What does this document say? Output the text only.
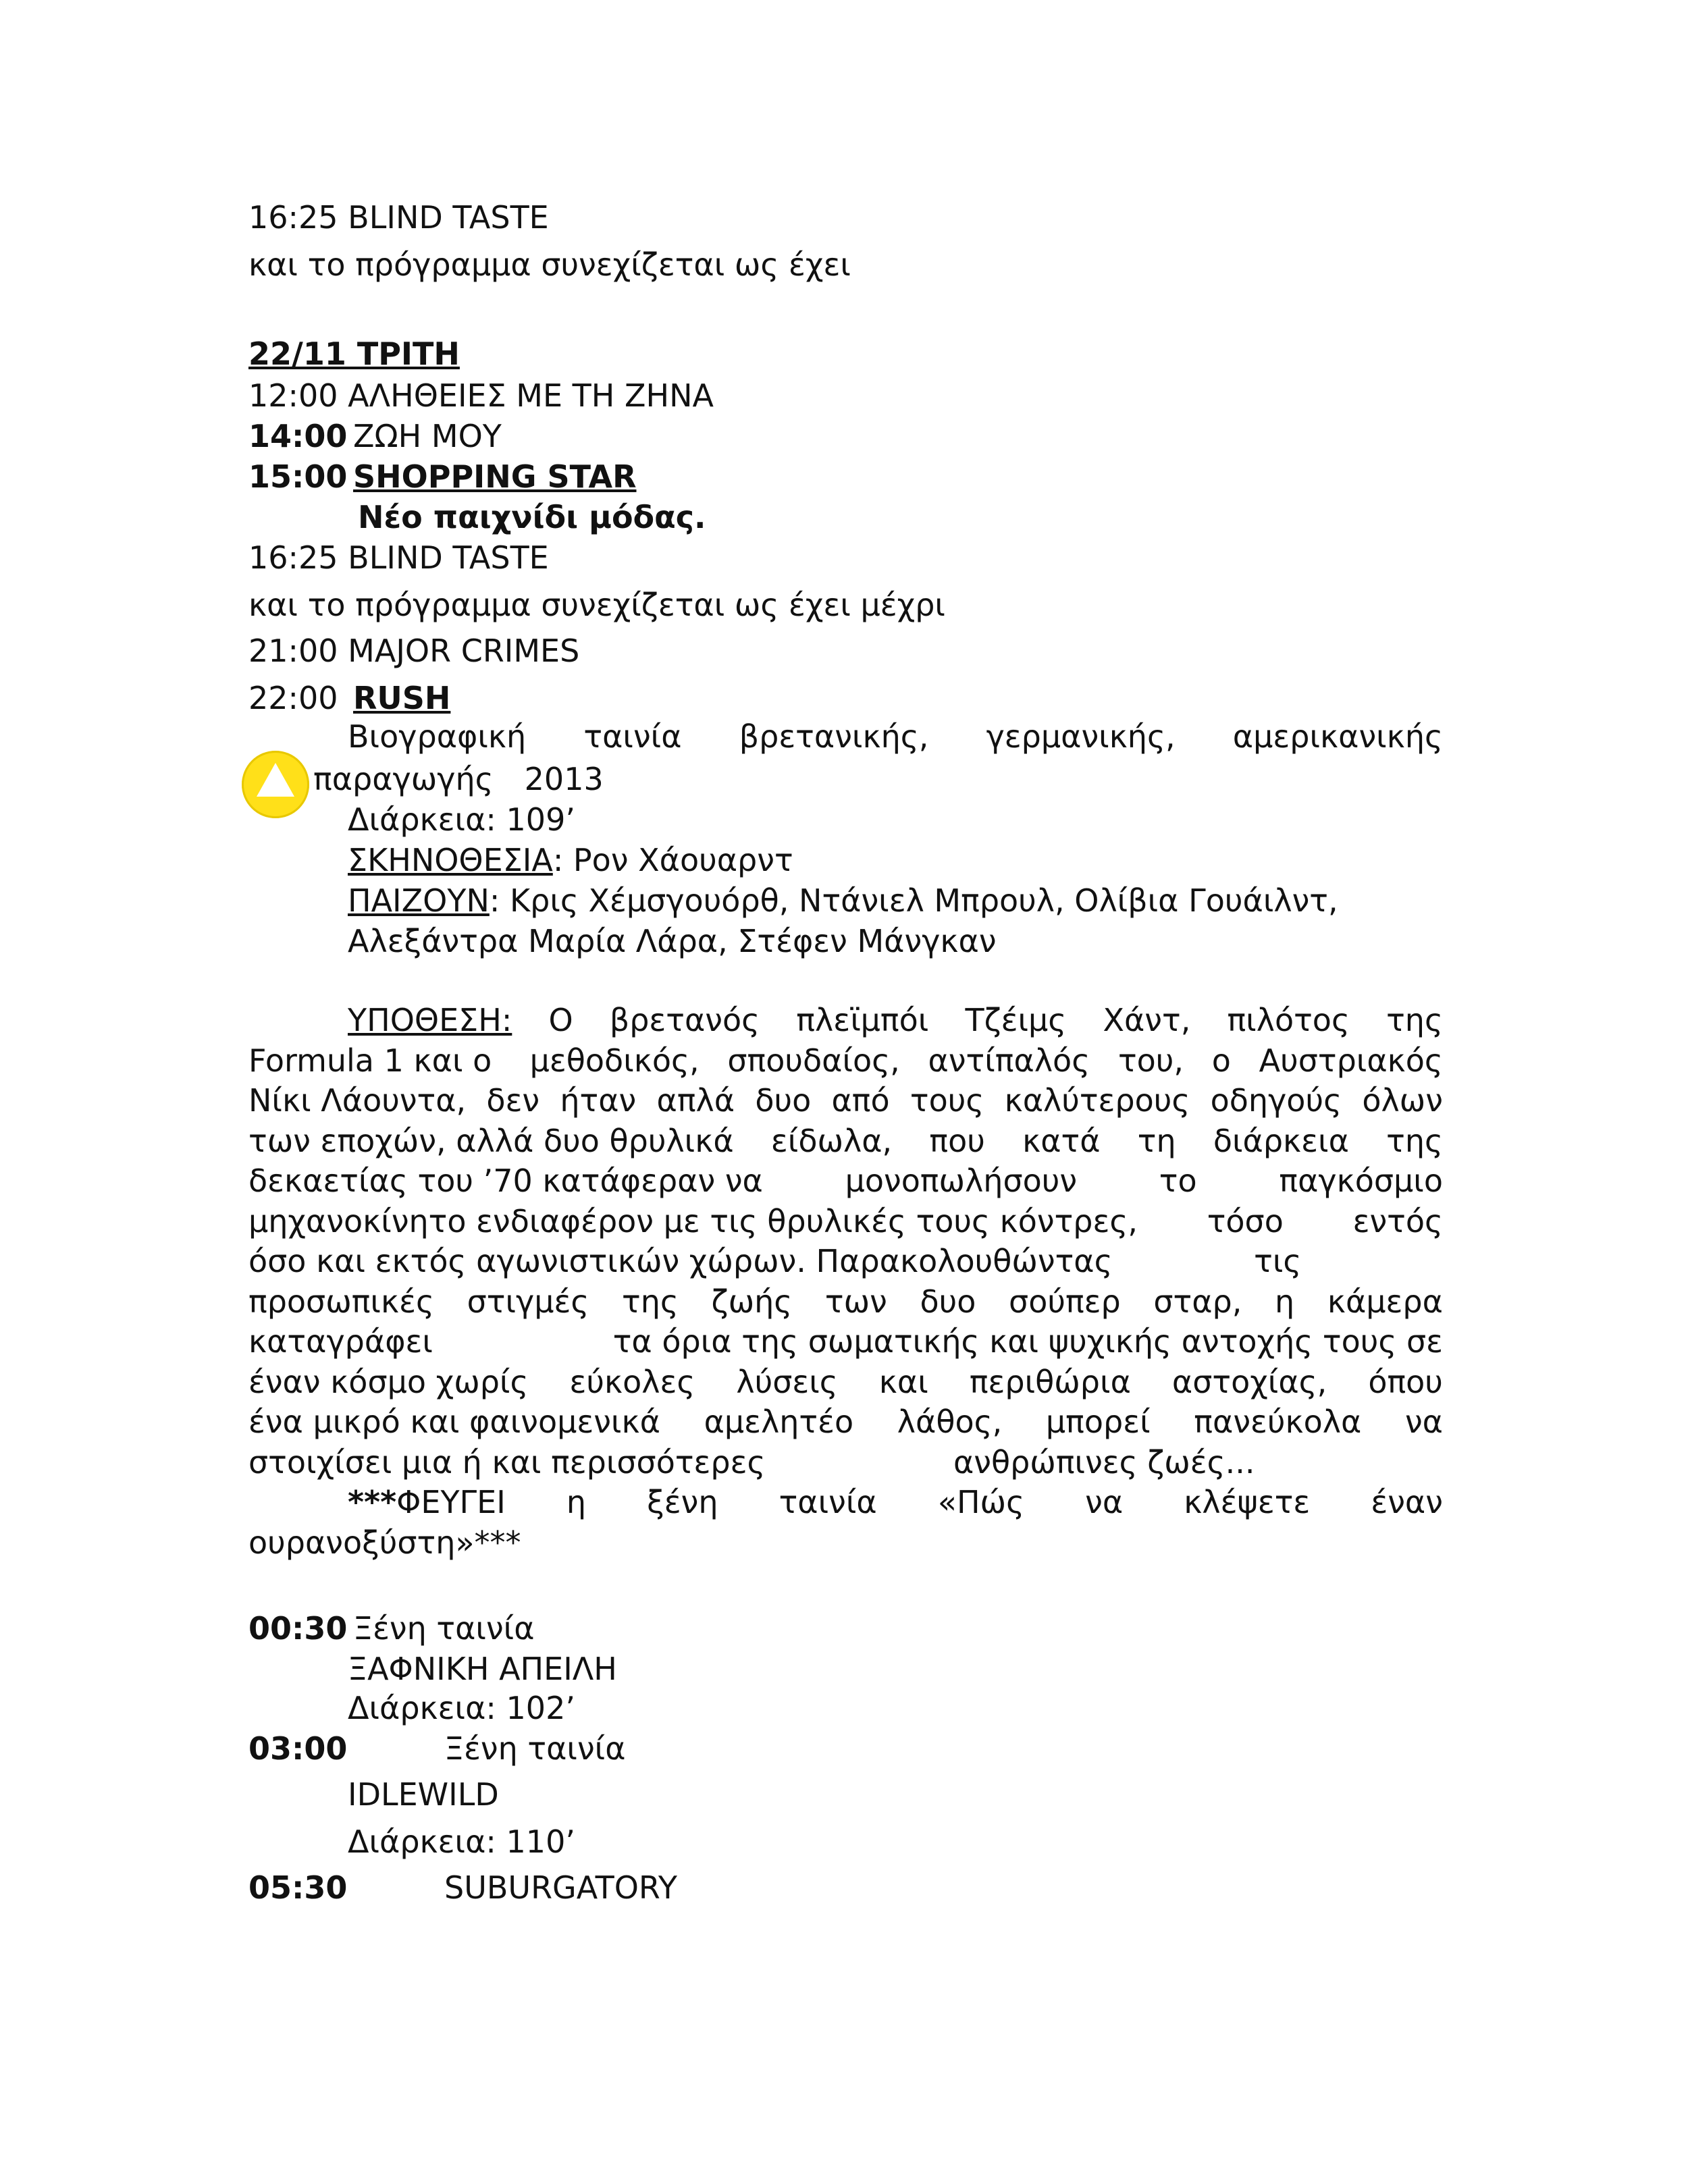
16:25 BLIND TASTE
και το πρόγραμμα συνεχίζεται ως έχει
22/11 ΤΡΙΤΗ
12:00 ΑΛΗΘΕΙΕΣ ΜΕ ΤΗ ΖΗΝΑ
14:00 ΖΩΗ ΜΟΥ
15:00 SHOPPING STAR
Νέο παιχνίδι μόδας.
16:25 BLIND TASTE
και το πρόγραμμα συνεχίζεται ως έχει μέχρι
21:00 MAJOR CRIMES
22:00 RUSH
Βιογραφική ταινία βρετανικής, γερμανικής, αμερικανικής
παραγωγής 2013
Διάρκεια: 109’
ΣΚΗΝΟΘΕΣΙΑ: Ρον Χάουαρντ
ΠΑΙΖΟΥΝ: Κρις Χέμσγουόρθ, Ντάνιελ Μπρουλ, Ολίβια Γουάιλντ,
Αλεξάντρα Μαρία Λάρα, Στέφεν Μάνγκαν
ΥΠΟΘΕΣΗ: Ο βρετανός πλεϊμπόι Τζέιμς Χάντ, πιλότος της
Formula 1 και ο μεθοδικός, σπουδαίος, αντίπαλός του, ο Αυστριακός
Νίκι Λάουντα, δεν ήταν απλά δυο από τους καλύτερους οδηγούς όλων
των εποχών, αλλά δυο θρυλικά είδωλα, που κατά τη διάρκεια της
δεκαετίας του ’70 κατάφεραν να	μονοπωλήσουν	το	παγκόσμιο
μηχανοκίνητο ενδιαφέρον με τις θρυλικές τους κόντρες, τόσο εντός
όσο και εκτός αγωνιστικών χώρων. Παρακολουθώντας	τις
προσωπικές στιγμές της ζωής των δυο σούπερ σταρ, η κάμερα
καταγράφει	τα όρια της σωματικής και ψυχικής αντοχής τους σε
έναν κόσμο χωρίς εύκολες λύσεις και περιθώρια αστοχίας, όπου
ένα μικρό και φαινομενικά αμελητέο λάθος, μπορεί πανεύκολα να
στοιχίσει μια ή και περισσότερες	ανθρώπινες ζωές...
***ΦΕΥΓΕΙ η ξένη ταινία «Πώς να κλέψετε έναν
ουρανοξύστη»***
00:30 Ξένη ταινία
ΞΑΦΝΙΚΗ ΑΠΕΙΛΗ
Διάρκεια: 102’
03:00	Ξένη ταινία
IDLEWILD
Διάρκεια: 110’
05:30	SUBURGATORY
